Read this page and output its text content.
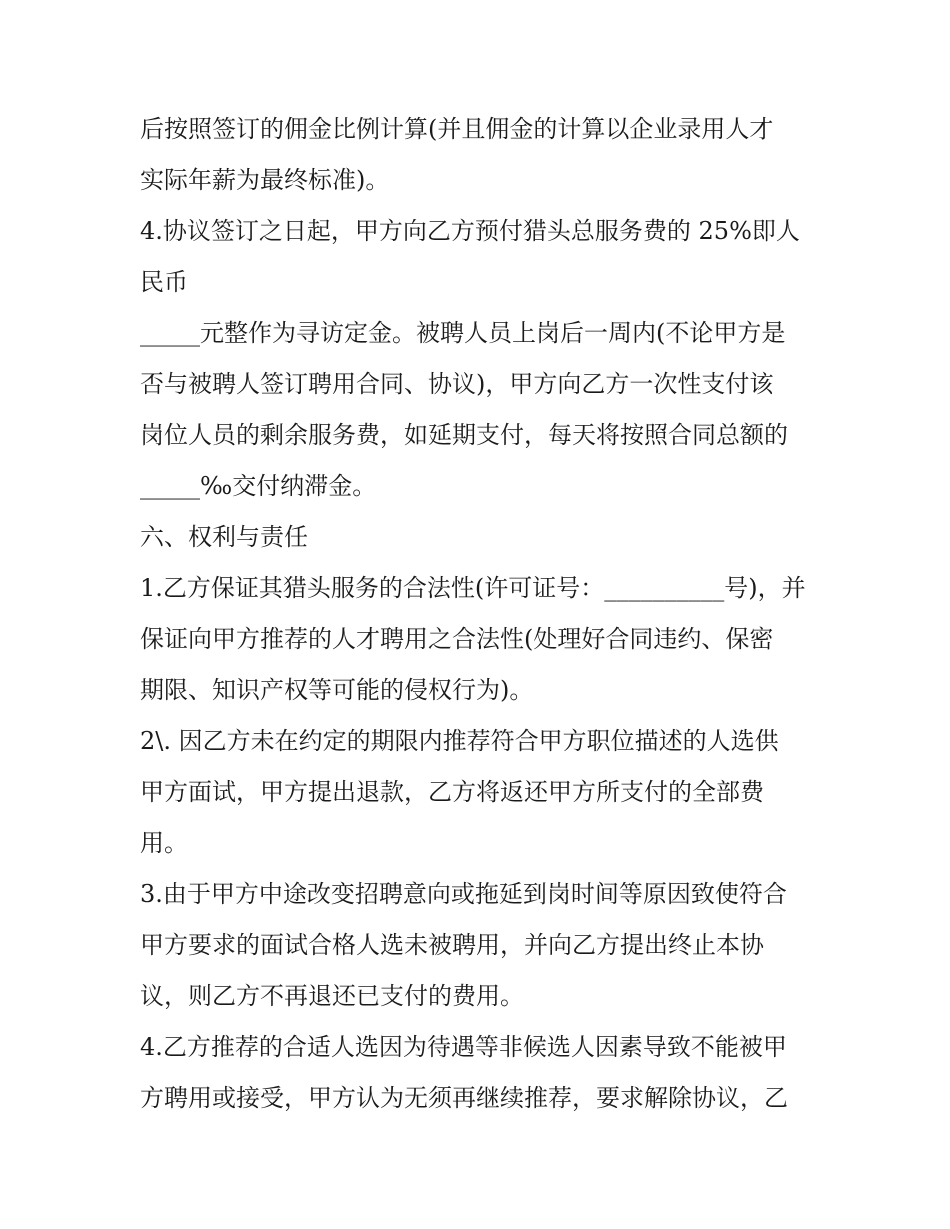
后按照签订的佣金比例计算(并且佣金的计算以企业录用人才

实际年薪为最终标准)。

4.协议签订之日起，甲方向乙方预付猎头总服务费的 25%即人

民币

_____元整作为寻访定金。被聘人员上岗后一周内(不论甲方是

否与被聘人签订聘用合同、协议)，甲方向乙方一次性支付该

岗位人员的剩余服务费，如延期支付，每天将按照合同总额的

_____‰交付纳滞金。

六、权利与责任

1.乙方保证其猎头服务的合法性(许可证号：__________号)，并

保证向甲方推荐的人才聘用之合法性(处理好合同违约、保密

期限、知识产权等可能的侵权行为)。

2\. 因乙方未在约定的期限内推荐符合甲方职位描述的人选供

甲方面试，甲方提出退款，乙方将返还甲方所支付的全部费

用。

3.由于甲方中途改变招聘意向或拖延到岗时间等原因致使符合

甲方要求的面试合格人选未被聘用，并向乙方提出终止本协

议，则乙方不再退还已支付的费用。

4.乙方推荐的合适人选因为待遇等非候选人因素导致不能被甲

方聘用或接受，甲方认为无须再继续推荐，要求解除协议，乙
